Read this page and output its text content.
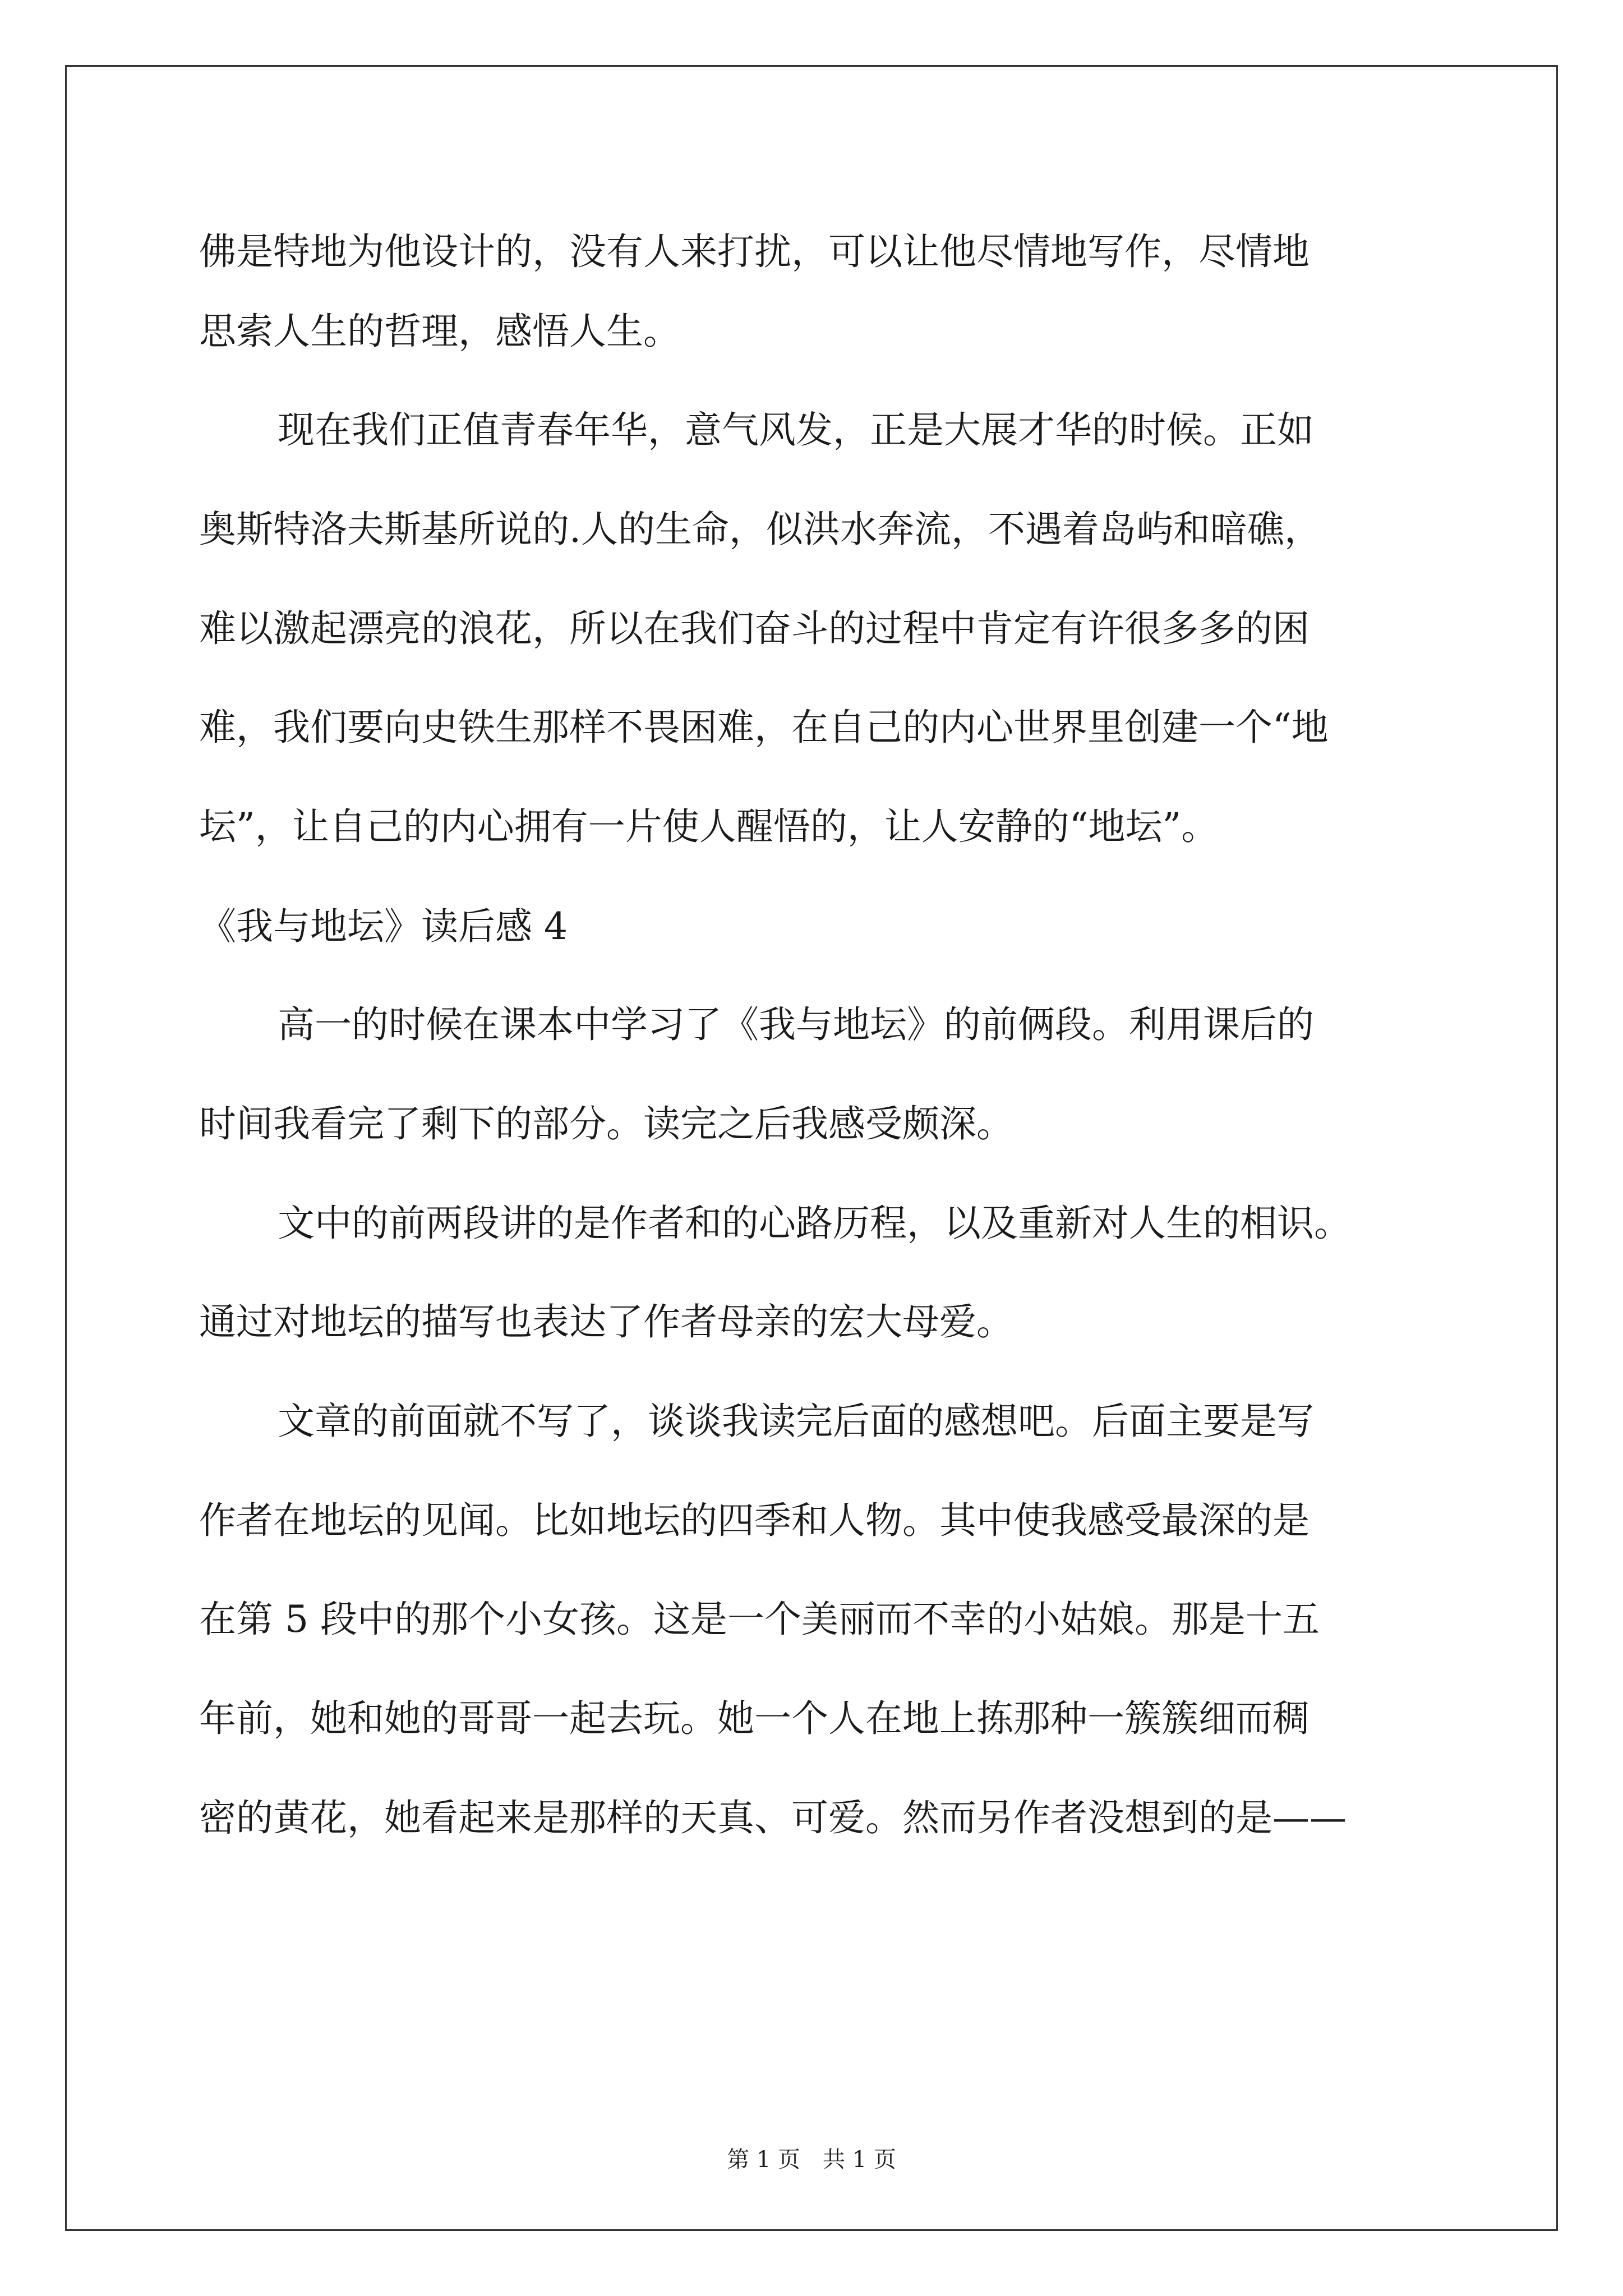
佛是特地为他设计的，没有人来打扰，可以让他尽情地写作，尽情地
思索人生的哲理，感悟人生。
现在我们正值青春年华，意气风发，正是大展才华的时候。正如
奥斯特洛夫斯基所说的.人的生命，似洪水奔流，不遇着岛屿和暗礁，
难以激起漂亮的浪花，所以在我们奋斗的过程中肯定有许很多多的困
难，我们要向史铁生那样不畏困难，在自己的内心世界里创建一个“地
坛”，让自己的内心拥有一片使人醒悟的，让人安静的“地坛”。
《我与地坛》读后感 4
高一的时候在课本中学习了《我与地坛》的前俩段。利用课后的
时间我看完了剩下的部分。读完之后我感受颇深。
文中的前两段讲的是作者和的心路历程，以及重新对人生的相识。
通过对地坛的描写也表达了作者母亲的宏大母爱。
文章的前面就不写了，谈谈我读完后面的感想吧。后面主要是写
作者在地坛的见闻。比如地坛的四季和人物。其中使我感受最深的是
在第 5 段中的那个小女孩。这是一个美丽而不幸的小姑娘。那是十五
年前，她和她的哥哥一起去玩。她一个人在地上拣那种一簇簇细而稠
密的黄花，她看起来是那样的天真、可爱。然而另作者没想到的是——
第 1 页　共 1 页
